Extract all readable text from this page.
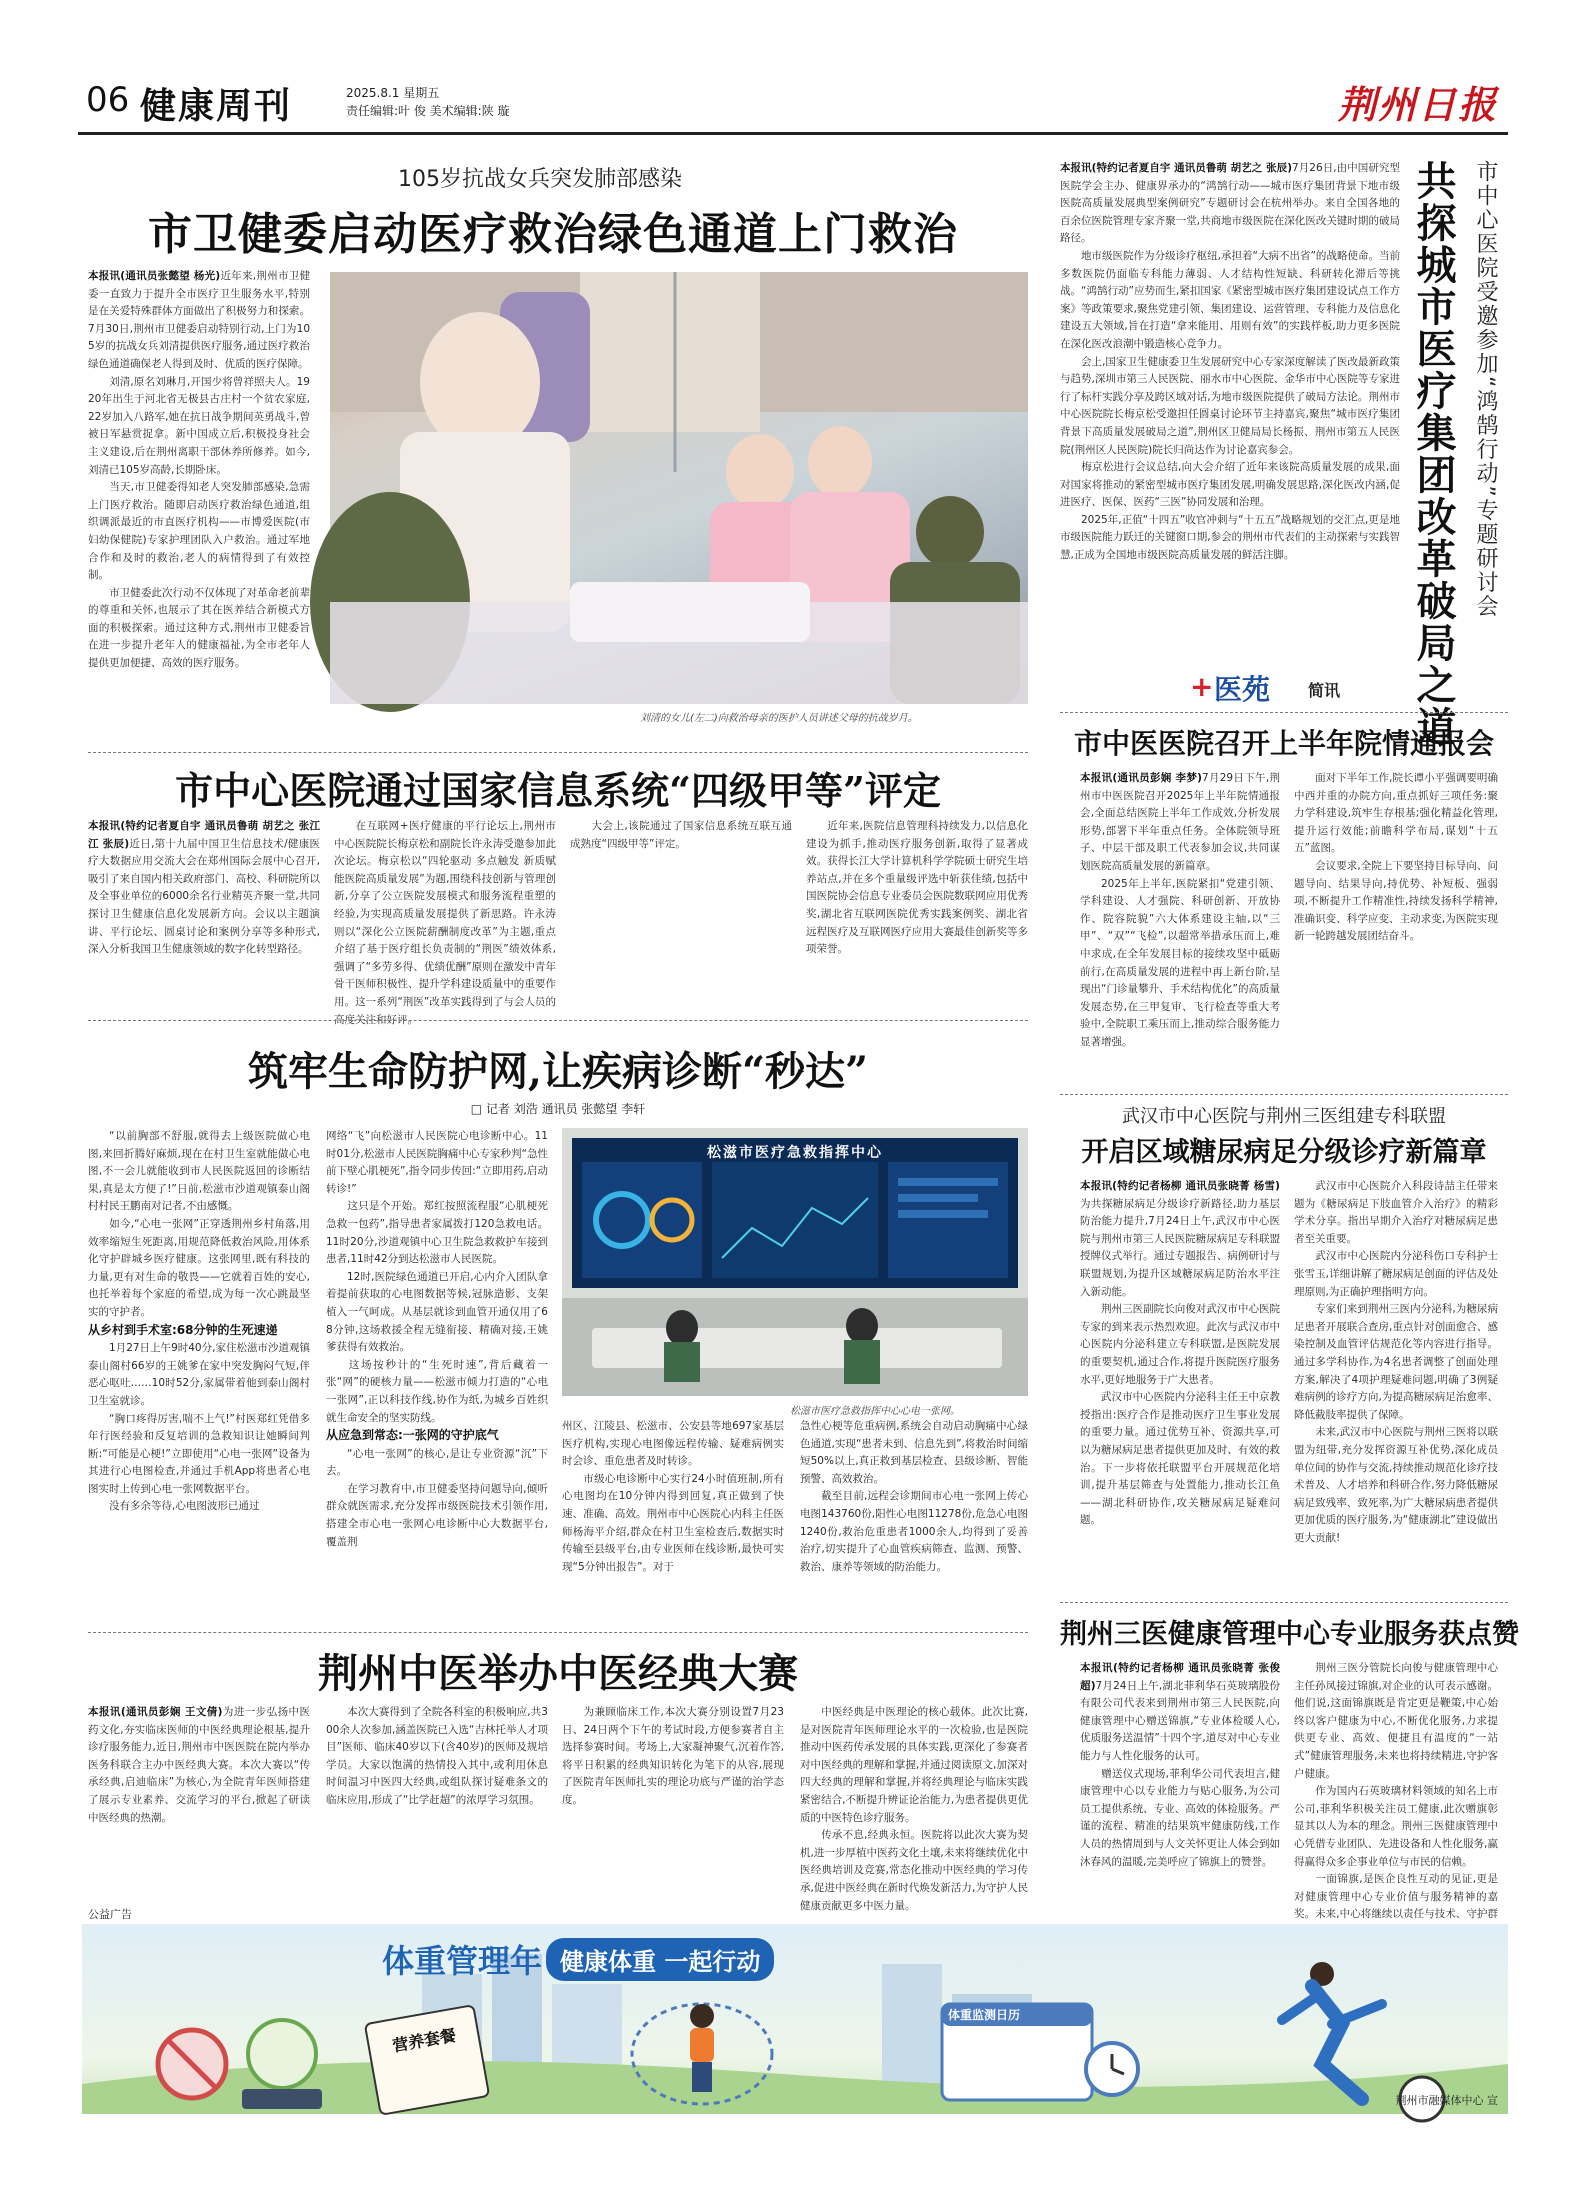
06 健康周刊	2025.8.1 星期五
责任编辑:叶 俊 美术编辑:陕 璇	荆州日报
105岁抗战女兵突发肺部感染
市卫健委启动医疗救治绿色通道上门救治
本报讯(通讯员张懿望 杨光)近年来,荆州市卫健委一直致力于提升全市医疗卫生服务水平,特别是在关爱特殊群体方面做出了积极努力和探索。7月30日,荆州市卫健委启动特别行动,上门为105岁的抗战女兵刘清提供医疗服务,通过医疗救治绿色通道确保老人得到及时、优质的医疗保障。
  刘清,原名刘琳月,开国少将曾祥照夫人。1920年出生于河北省无极县古庄村一个贫农家庭,22岁加入八路军,她在抗日战争期间英勇战斗,曾被日军悬赏捉拿。新中国成立后,积极投身社会主义建设,后在荆州离职干部休养所修养。如今,刘清已105岁高龄,长期卧床。
  当天,市卫健委得知老人突发肺部感染,急需上门医疗救治。随即启动医疗救治绿色通道,组织调派最近的市直医疗机构——市博爱医院(市妇幼保健院)专家护理团队入户救治。通过军地合作和及时的救治,老人的病情得到了有效控制。
  市卫健委此次行动不仅体现了对革命老前辈的尊重和关怀,也展示了其在医养结合新模式方面的积极探索。通过这种方式,荆州市卫健委旨在进一步提升老年人的健康福祉,为全市老年人提供更加便捷、高效的医疗服务。
刘清的女儿(左二)向救治母亲的医护人员讲述父母的抗战岁月。
市中心医院受邀参加“鸿鹄行动”专题研讨会
共探城市医疗集团改革破局之道
本报讯(特约记者夏自宇 通讯员鲁萌 胡艺之 张辰)7月26日,由中国研究型医院学会主办、健康界承办的“鸿鹄行动——城市医疗集团背景下地市级医院高质量发展典型案例研究”专题研讨会在杭州举办。来自全国各地的百余位医院管理专家齐聚一堂,共商地市级医院在深化医改关键时期的破局路径。
  地市级医院作为分级诊疗枢纽,承担着“大病不出省”的战略使命。当前多数医院仍面临专科能力薄弱、人才结构性短缺、科研转化滞后等挑战。“鸿鹄行动”应势而生,紧扣国家《紧密型城市医疗集团建设试点工作方案》等政策要求,聚焦党建引领、集团建设、运营管理、专科能力及信息化建设五大领域,旨在打造“拿来能用、用则有效”的实践样板,助力更多医院在深化医改浪潮中锻造核心竞争力。
  会上,国家卫生健康委卫生发展研究中心专家深度解读了医改最新政策与趋势,深圳市第三人民医院、丽水市中心医院、金华市中心医院等专家进行了标杆实践分享及跨区域对话,为地市级医院提供了破局方法论。荆州市中心医院院长梅京松受邀担任圆桌讨论环节主持嘉宾,聚焦“城市医疗集团背景下高质量发展破局之道”,荆州区卫健局局长杨振、荆州市第五人民医院(荆州区人民医院)院长归尚达作为讨论嘉宾参会。
  梅京松进行会议总结,向大会介绍了近年来该院高质量发展的成果,面对国家将推动的紧密型城市医疗集团发展,明确发展思路,深化医改内涵,促进医疗、医保、医药“三医”协同发展和治理。
  2025年,正值“十四五”收官冲刺与“十五五”战略规划的交汇点,更是地市级医院能力跃迁的关键窗口期,参会的荆州市代表们的主动探索与实践智慧,正成为全国地市级医院高质量发展的鲜活注脚。
+ 医苑 简讯
市中医医院召开上半年院情通报会
本报讯(通讯员彭娴 李梦)7月29日下午,荆州市中医医院召开2025年上半年院情通报会,全面总结医院上半年工作成效,分析发展形势,部署下半年重点任务。全体院领导班子、中层干部及职工代表参加会议,共同谋划医院高质量发展的新篇章。
  2025年上半年,医院紧扣“党建引领、学科建设、人才强院、科研创新、开放协作、院容院貌”六大体系建设主轴,以“三甲”、“双”“飞检”,以超常举措承压而上,难中求成,在全年发展目标的接续攻坚中砥砺前行,在高质量发展的进程中再上新台阶,呈现出“门诊量攀升、手术结构优化”的高质量发展态势,在三甲复审、飞行检查等重大考验中,全院职工乘压而上,推动综合服务能力显著增强。
  面对下半年工作,院长谭小平强调要明确中西并重的办院方向,重点抓好三项任务:聚力学科建设,筑牢生存根基;强化精益化管理,提升运行效能;前瞻科学布局,谋划“十五五”蓝图。
  会议要求,全院上下要坚持目标导向、问题导向、结果导向,持优势、补短板、强弱项,不断提升工作精准性,持续发扬科学精神,准确识变、科学应变、主动求变,为医院实现新一轮跨越发展团结奋斗。
市中心医院通过国家信息系统“四级甲等”评定
本报讯(特约记者夏自宇 通讯员鲁萌 胡艺之 张江江 张辰)近日,第十九届中国卫生信息技术/健康医疗大数据应用交流大会在郑州国际会展中心召开,吸引了来自国内相关政府部门、高校、科研院所以及全事业单位的6000余名行业精英齐聚一堂,共同探讨卫生健康信息化发展新方向。会议以主题演讲、平行论坛、圆桌讨论和案例分享等多种形式,深入分析我国卫生健康领域的数字化转型路径。
  在互联网+医疗健康的平行论坛上,荆州市中心医院院长梅京松和副院长许永涛受邀参加此次论坛。梅京松以“四轮驱动 多点触发 新质赋能医院高质量发展”为题,围绕科技创新与管理创新,分享了公立医院发展模式和服务流程重塑的经验,为实现高质量发展提供了新思路。许永涛则以“深化公立医院薪酬制度改革”为主题,重点介绍了基于医疗组长负责制的“荆医”绩效体系,强调了“多劳多得、优绩优酬”原则在激发中青年骨干医师积极性、提升学科建设质量中的重要作用。这一系列“荆医”改革实践得到了与会人员的高度关注和好评。
  大会上,该院通过了国家信息系统互联互通成熟度“四级甲等”评定。
  近年来,医院信息管理科持续发力,以信息化建设为抓手,推动医疗服务创新,取得了显著成效。获得长江大学计算机科学学院硕士研究生培养站点,并在多个重量级评选中斩获佳绩,包括中国医院协会信息专业委员会医院数联网应用优秀奖,湖北省互联网医院优秀实践案例奖、湖北省远程医疗及互联网医疗应用大赛最佳创新奖等多项荣誉。
筑牢生命防护网,让疾病诊断“秒达”
□ 记者 刘浩 通讯员 张懿望 李轩
  “以前胸部不舒服,就得去上级医院做心电图,来回折腾好麻烦,现在在村卫生室就能做心电图,不一会儿就能收到市人民医院返回的诊断结果,真是太方便了!”日前,松滋市沙道观镇泰山阁村村民王鹏南对记者,不由感慨。
  如今,“心电一张网”正穿透荆州乡村角落,用效率缩短生死距离,用规范降低救治风险,用体系化守护辟城乡医疗健康。这张网里,既有科技的力量,更有对生命的敬畏——它就着百姓的安心,也托举着每个家庭的希望,成为每一次心跳最坚实的守护者。
从乡村到手术室:68分钟的生死速递
  1月27日上午9时40分,家住松滋市沙道观镇泰山阁村66岁的王姚爹在家中突发胸闷气短,伴恶心呕吐……10时52分,家属带着他到泰山阁村卫生室就诊。
  “胸口疼得厉害,喘不上气!”村医郑红凭借多年行医经验和反复培训的急救知识让她瞬间判断:“可能是心梗!”立即使用“心电一张网”设备为其进行心电图检查,并通过手机App将患者心电图实时上传到心电一张网数据平台。
  没有多余等待,心电图波形已通过
网络“飞”向松滋市人民医院心电诊断中心。11时01分,松滋市人民医院胸痛中心专家秒判“急性前下壁心肌梗死”,指令同步传回:“立即用药,启动转诊!”
  这只是个开始。郑红按照流程服“心肌梗死急救一包药”,指导患者家属拨打120急救电话。11时20分,沙道观镇中心卫生院急救救护车接到患者,11时42分到达松滋市人民医院。
  12时,医院绿色通道已开启,心内介入团队拿着提前获取的心电图数据等候,冠脉造影、支架植入一气呵成。从基层就诊到血管开通仅用了68分钟,这场救援全程无缝衔接、精确对接,王姚爹获得有效救治。
  这场按秒计的“生死时速”,背后藏着一张“网”的硬核力量——松滋市倾力打造的“心电一张网”,正以科技作线,协作为纸,为城乡百姓织就生命安全的坚实防线。
从应急到常态:一张网的守护底气
  “心电一张网”的核心,是让专业资源“沉”下去。
  在学习教育中,市卫健委坚持问题导向,倾听群众就医需求,充分发挥市级医院技术引领作用,搭建全市心电一张网心电诊断中心大数据平台,覆盖荆
松滋市医疗急救指挥中心
松滋市医疗急救指挥中心心电一张网。
州区、江陵县、松滋市、公安县等地697家基层医疗机构,实现心电图像远程传输、疑难病例实时会诊、重危患者及时转诊。
  市级心电诊断中心实行24小时值班制,所有心电图均在10分钟内得到回复,真正做到了快速、准确、高效。荆州市中心医院心内科主任医师杨海平介绍,群众在村卫生室检查后,数据实时传输至县级平台,由专业医师在线诊断,最快可实现“5分钟出报告”。对于
急性心梗等危重病例,系统会自动启动胸痛中心绿色通道,实现“患者未到、信息先到”,将救治时间缩短50%以上,真正救到基层检查、县级诊断、智能预警、高效救治。
  截至目前,远程会诊期间市心电一张网上传心电图143760份,阳性心电图11278份,危急心电图1240份,救治危重患者1000余人,均得到了妥善治疗,切实提升了心血管疾病筛查、监测、预警、救治、康养等领域的防治能力。
武汉市中心医院与荆州三医组建专科联盟
开启区域糖尿病足分级诊疗新篇章
本报讯(特约记者杨柳 通讯员张晓菁 杨雪)为共探糖尿病足分级诊疗新路径,助力基层防治能力提升,7月24日上午,武汉市中心医院与荆州市第三人民医院糖尿病足专科联盟授牌仪式举行。通过专题报告、病例研讨与联盟规划,为提升区域糖尿病足防治水平注入新动能。
  荆州三医副院长向俊对武汉市中心医院专家的到来表示热烈欢迎。此次与武汉市中心医院内分泌科建立专科联盟,是医院发展的重要契机,通过合作,将提升医院医疗服务水平,更好地服务于广大患者。
  武汉市中心医院内分泌科主任王中京教授指出:医疗合作是推动医疗卫生事业发展的重要力量。通过优势互补、资源共享,可以为糖尿病足患者提供更加及时、有效的救治。下一步将依托联盟平台开展规范化培训,提升基层筛查与处置能力,推动长江鱼——湖北科研协作,攻关糖尿病足疑难问题。
  武汉市中心医院介入科段诗喆主任带来题为《糖尿病足下肢血管介入治疗》的精彩学术分享。指出早期介入治疗对糖尿病足患者至关重要。
  武汉市中心医院内分泌科伤口专科护士张雪玉,详细讲解了糖尿病足创面的评估及处理原则,为正确护理指明方向。
  专家们来到荆州三医内分泌科,为糖尿病足患者开展联合查房,重点针对创面愈合、感染控制及血管评估规范化等内容进行指导。通过多学科协作,为4名患者调整了创面处理方案,解决了4项护理疑难问题,明确了3例疑难病例的诊疗方向,为提高糖尿病足治愈率、降低截肢率提供了保障。
  未来,武汉市中心医院与荆州三医将以联盟为纽带,充分发挥资源互补优势,深化成员单位间的协作与交流,持续推动规范化诊疗技术普及、人才培养和科研合作,努力降低糖尿病足致残率、致死率,为广大糖尿病患者提供更加优质的医疗服务,为“健康湖北”建设做出更大贡献!
荆州中医举办中医经典大赛
本报讯(通讯员彭娴 王文倩)为进一步弘扬中医药文化,夯实临床医师的中医经典理论根基,提升诊疗服务能力,近日,荆州市中医医院在院内举办医务科联合主办中医经典大赛。本次大赛以“传承经典,启迪临床”为核心,为全院青年医师搭建了展示专业素养、交流学习的平台,掀起了研读中医经典的热潮。
  本次大赛得到了全院各科室的积极响应,共300余人次参加,涵盖医院已入选“吉林托举人才项目”医师、临床40岁以下(含40岁)的医师及规培学员。大家以饱满的热情投入其中,或利用休息时间温习中医四大经典,或组队探讨疑难条文的临床应用,形成了“比学赶超”的浓厚学习氛围。
  为兼顾临床工作,本次大赛分别设置7月23日、24日两个下午的考试时段,方便参赛者自主选择参赛时间。考场上,大家凝神聚气,沉着作答,将平日积累的经典知识转化为笔下的从容,展现了医院青年医师扎实的理论功底与严谨的治学态度。
  中医经典是中医理论的核心载体。此次比赛,是对医院青年医师理论水平的一次检验,也是医院推动中医药传承发展的具体实践,更深化了参赛者对中医经典的理解和掌握,并通过阅读原文,加深对四大经典的理解和掌握,并将经典理论与临床实践紧密结合,不断提升辨证论治能力,为患者提供更优质的中医特色诊疗服务。
  传承不息,经典永恒。医院将以此次大赛为契机,进一步厚植中医药文化土壤,未来将继续优化中医经典培训及竞赛,常态化推动中医经典的学习传承,促进中医经典在新时代焕发新活力,为守护人民健康贡献更多中医力量。
荆州三医健康管理中心专业服务获点赞
本报讯(特约记者杨柳 通讯员张晓菁 张俊超)7月24日上午,湖北菲利华石英玻璃股份有限公司代表来到荆州市第三人民医院,向健康管理中心赠送锦旗,“专业体检暖人心,优质服务送温情”十四个字,道尽对中心专业能力与人性化服务的认可。
  赠送仪式现场,菲利华公司代表坦言,健康管理中心以专业能力与贴心服务,为公司员工提供系统、专业、高效的体检服务。严谨的流程、精准的结果筑牢健康防线,工作人员的热情周到与人文关怀更让人体会到如沐春风的温暖,完美呼应了锦旗上的赞誉。
  荆州三医分管院长向俊与健康管理中心主任孙凤接过锦旗,对企业的认可表示感谢。他们说,这面锦旗既是肯定更是鞭策,中心始终以客户健康为中心,不断优化服务,力求提供更专业、高效、便捷且有温度的“一站式”健康管理服务,未来也将持续精进,守护客户健康。
  作为国内石英玻璃材料领域的知名上市公司,菲利华积极关注员工健康,此次赠旗彰显其以人为本的理念。荆州三医健康管理中心凭借专业团队、先进设备和人性化服务,赢得赢得众多企事业单位与市民的信赖。
  一面锦旗,是医企良性互动的见证,更是对健康管理中心专业价值与服务精神的嘉奖。未来,中心将继续以责任与技术、守护群
公益广告
体重管理年 健康体重 一起行动
营养套餐
体重监测日历
荆州市融媒体中心 宣
